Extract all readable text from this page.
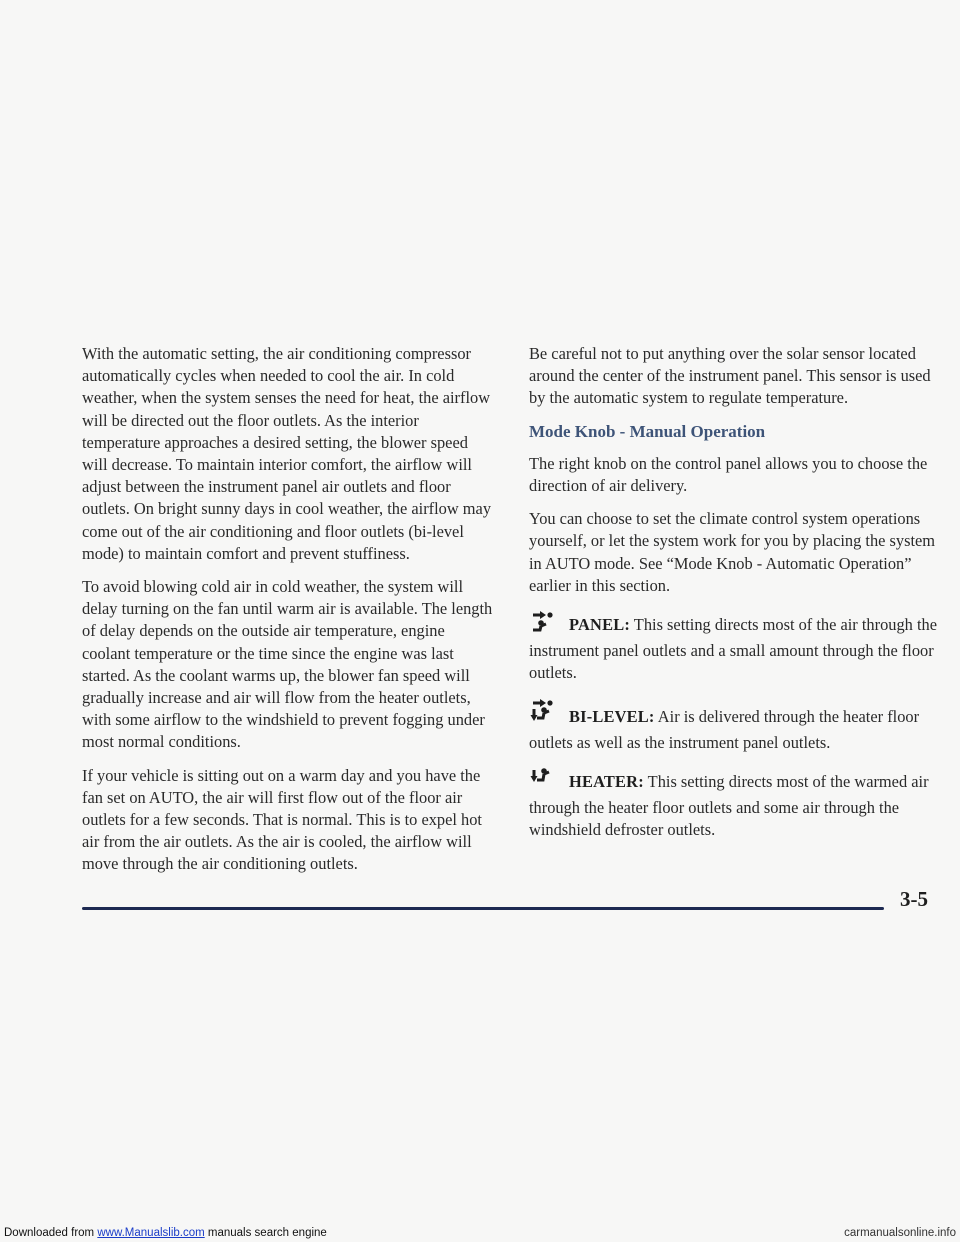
With the automatic setting, the air conditioning compressor automatically cycles when needed to cool the air. In cold weather, when the system senses the need for heat, the airflow will be directed out the floor outlets. As the interior temperature approaches a desired setting, the blower speed will decrease. To maintain interior comfort, the airflow will adjust between the instrument panel air outlets and floor outlets. On bright sunny days in cool weather, the airflow may come out of the air conditioning and floor outlets (bi-level mode) to maintain comfort and prevent stuffiness.

To avoid blowing cold air in cold weather, the system will delay turning on the fan until warm air is available. The length of delay depends on the outside air temperature, engine coolant temperature or the time since the engine was last started. As the coolant warms up, the blower fan speed will gradually increase and air will flow from the heater outlets, with some airflow to the windshield to prevent fogging under most normal conditions.

If your vehicle is sitting out on a warm day and you have the fan set on AUTO, the air will first flow out of the floor air outlets for a few seconds. That is normal. This is to expel hot air from the air outlets. As the air is cooled, the airflow will move through the air conditioning outlets.

Be careful not to put anything over the solar sensor located around the center of the instrument panel. This sensor is used by the automatic system to regulate temperature.

Mode Knob - Manual Operation

The right knob on the control panel allows you to choose the direction of air delivery.

You can choose to set the climate control system operations yourself, or let the system work for you by placing the system in AUTO mode. See “Mode Knob - Automatic Operation” earlier in this section.

PANEL: This setting directs most of the air through the instrument panel outlets and a small amount through the floor outlets.

BI-LEVEL: Air is delivered through the heater floor outlets as well as the instrument panel outlets.

HEATER: This setting directs most of the warmed air through the heater floor outlets and some air through the windshield defroster outlets.

3-5
Downloaded from www.Manualslib.com manuals search engine	carmanualsonline.info
